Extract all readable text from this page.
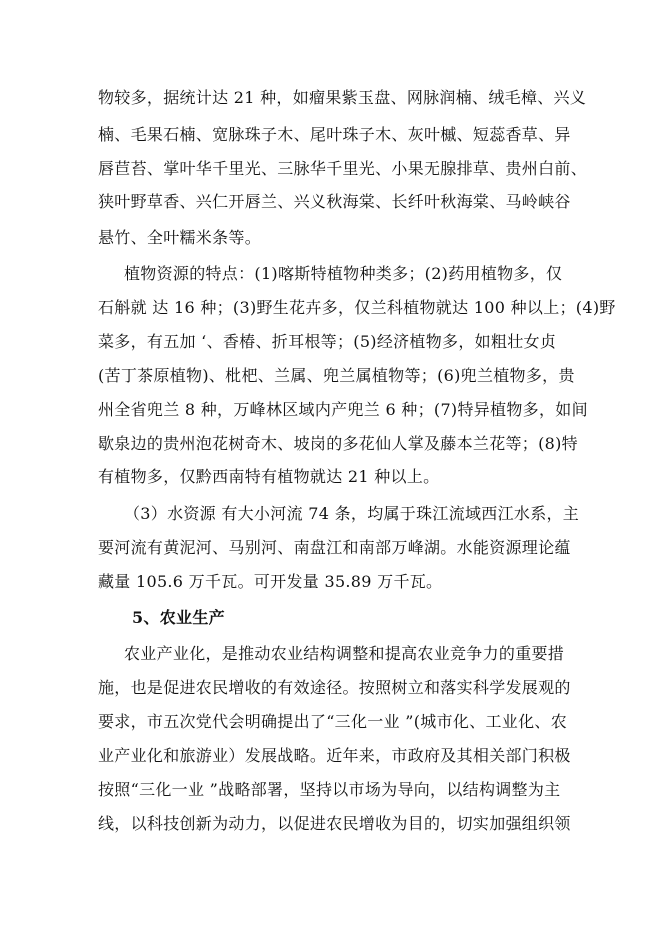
物较多，据统计达 21 种，如瘤果紫玉盘、网脉润楠、绒毛樟、兴义
楠、毛果石楠、宽脉珠子木、尾叶珠子木、灰叶槭、短蕊香草、异
唇苣苔、掌叶华千里光、三脉华千里光、小果无腺排草、贵州白前、
狭叶野草香、兴仁开唇兰、兴义秋海棠、长纤叶秋海棠、马岭峡谷
悬竹、全叶糯米条等。
植物资源的特点：(1)喀斯特植物种类多；(2)药用植物多，仅
石斛就 达 16 种；(3)野生花卉多，仅兰科植物就达 100 种以上；(4)野
菜多，有五加 ‘、香椿、折耳根等；(5)经济植物多，如粗壮女贞
(苦丁茶原植物)、枇杷、兰属、兜兰属植物等；(6)兜兰植物多，贵
州全省兜兰 8 种，万峰林区域内产兜兰 6 种；(7)特异植物多，如间
歇泉边的贵州泡花树奇木、坡岗的多花仙人掌及藤本兰花等；(8)特
有植物多，仅黔西南特有植物就达 21 种以上。
（3）水资源 有大小河流 74 条，均属于珠江流域西江水系，主
要河流有黄泥河、马别河、南盘江和南部万峰湖。水能资源理论蕴
藏量 105.6 万千瓦。可开发量 35.89 万千瓦。
5、农业生产
农业产业化，是推动农业结构调整和提高农业竞争力的重要措
施，也是促进农民增收的有效途径。按照树立和落实科学发展观的
要求，市五次党代会明确提出了“三化一业 ”(城市化、工业化、农
业产业化和旅游业）发展战略。近年来，市政府及其相关部门积极
按照“三化一业 ”战略部署，坚持以市场为导向，以结构调整为主
线，以科技创新为动力，以促进农民增收为目的，切实加强组织领
